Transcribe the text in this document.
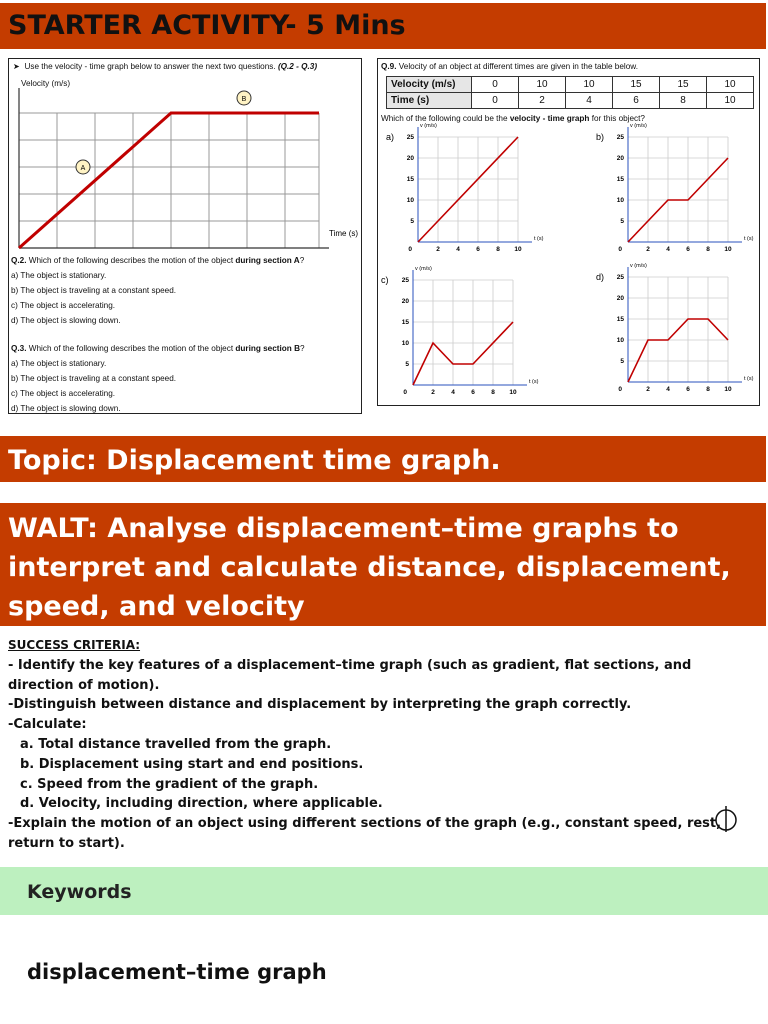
STARTER ACTIVITY- 5 Mins
➤ Use the velocity - time graph below to answer the next two questions. (Q.2 - Q.3)
Velocity (m/s)
A
B
Time (s)
Q.2. Which of the following describes the motion of the object during section A?
a) The object is stationary.
b) The object is traveling at a constant speed.
c) The object is accelerating.
d) The object is slowing down.
Q.3. Which of the following describes the motion of the object during section B?
a) The object is stationary.
b) The object is traveling at a constant speed.
c) The object is accelerating.
d) The object is slowing down.
Q.9. Velocity of an object at different times are given in the table below.
Velocity (m/s)	0	10	10	15	15	10
Time (s)	0	2	4	6	8	10
Which of the following could be the velocity - time graph for this object?
a)
v (m/s)
t (s)
5
10
15
20
25
2	4	6	8 10
0
b)
v (m/s)
t (s)
5
10
15
20
25
2	4	6	8 10
0
c)
v (m/s)
t (s)
5
10
15
20
25
2	4	6	8 10
0
d)
v (m/s)
t (s)
5
10
15
20
25
2	4	6	8 10
0
Topic: Displacement time graph.
WALT: Analyse displacement–time graphs to interpret and calculate distance, displacement, speed, and velocity
SUCCESS CRITERIA:
- Identify the key features of a displacement–time graph (such as gradient, flat sections, and direction of motion).
-Distinguish between distance and displacement by interpreting the graph correctly.
-Calculate:
a. Total distance travelled from the graph.
b. Displacement using start and end positions.
c. Speed from the gradient of the graph.
d. Velocity, including direction, where applicable.
-Explain the motion of an object using different sections of the graph (e.g., constant speed, rest, return to start).
Keywords
displacement–time graph
